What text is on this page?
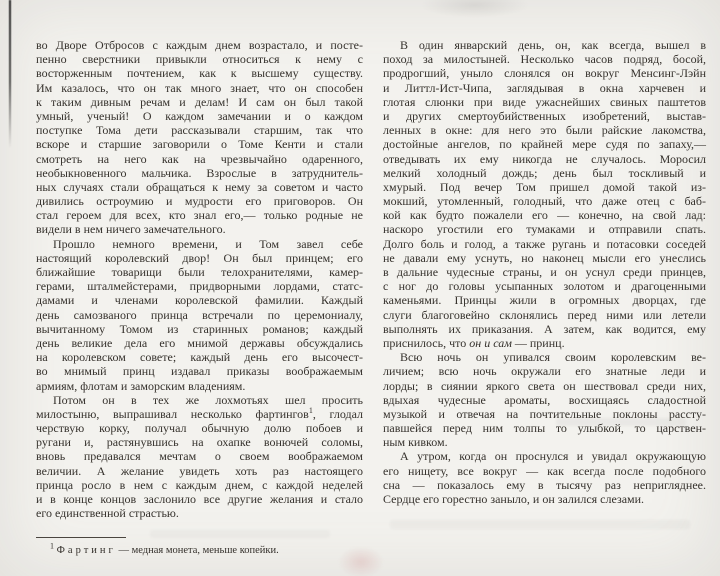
во Дворе Отбросов с каждым днем возрастало, и посте-
пенно сверстники привыкли относиться к нему с
восторженным почтением, как к высшему существу.
Им казалось, что он так много знает, что он способен
к таким дивным речам и делам! И сам он был такой
умный, ученый! О каждом замечании и о каждом
поступке Тома дети рассказывали старшим, так что
вскоре и старшие заговорили о Томе Кенти и стали
смотреть на него как на чрезвычайно одаренного,
необыкновенного мальчика. Взрослые в затруднитель-
ных случаях стали обращаться к нему за советом и часто
дивились остроумию и мудрости его приговоров. Он
стал героем для всех, кто знал его,— только родные не
видели в нем ничего замечательного.
Прошло немного времени, и Том завел себе
настоящий королевский двор! Он был принцем; его
ближайшие товарищи были телохранителями, камер-
герами, шталмейстерами, придворными лордами, статс-
дамами и членами королевской фамилии. Каждый
день самозваного принца встречали по церемониалу,
вычитанному Томом из старинных романов; каждый
день великие дела его мнимой державы обсуждались
на королевском совете; каждый день его высочест-
во мнимый принц издавал приказы воображаемым
армиям, флотам и заморским владениям.
Потом он в тех же лохмотьях шел просить
милостыню, выпрашивал несколько фартингов$^1$, глодал
черствую корку, получал обычную долю побоев и
ругани и, растянувшись на охапке вонючей соломы,
вновь предавался мечтам о своем воображаемом
величии. А желание увидеть хоть раз настоящего
принца росло в нем с каждым днем, с каждой неделей
и в конце концов заслонило все другие желания и стало
его единственной страстью.
В один январский день, он, как всегда, вышел в
поход за милостыней. Несколько часов подряд, босой,
продрогший, уныло слонялся он вокруг Менсинг-Лэйн
и Литтл-Ист-Чипа, заглядывая в окна харчевен и
глотая слюнки при виде ужаснейших свиных паштетов
и других смертоубийственных изобретений, выстав-
ленных в окне: для него это были райские лакомства,
достойные ангелов, по крайней мере судя по запаху,—
отведывать их ему никогда не случалось. Моросил
мелкий холодный дождь; день был тоскливый и
хмурый. Под вечер Том пришел домой такой из-
мокший, утомленный, голодный, что даже отец с баб-
кой как будто пожалели его — конечно, на свой лад:
наскоро угостили его тумаками и отправили спать.
Долго боль и голод, а также ругань и потасовки соседей
не давали ему уснуть, но наконец мысли его унеслись
в дальние чудесные страны, и он уснул среди принцев,
с ног до головы усыпанных золотом и драгоценными
каменьями. Принцы жили в огромных дворцах, где
слуги благоговейно склонялись перед ними или летели
выполнять их приказания. А затем, как водится, ему
приснилось, что он и сам — принц.
Всю ночь он упивался своим королевским ве-
личием; всю ночь окружали его знатные леди и
лорды; в сиянии яркого света он шествовал среди них,
вдыхая чудесные ароматы, восхищаясь сладостной
музыкой и отвечая на почтительные поклоны рассту-
павшейся перед ним толпы то улыбкой, то царствен-
ным кивком.
А утром, когда он проснулся и увидал окружающую
его нищету, все вокруг — как всегда после подобного
сна — показалось ему в тысячу раз непригляднее.
Сердце его горестно заныло, и он залился слезами.
$^1$ Фартинг — медная монета, меньше копейки.
